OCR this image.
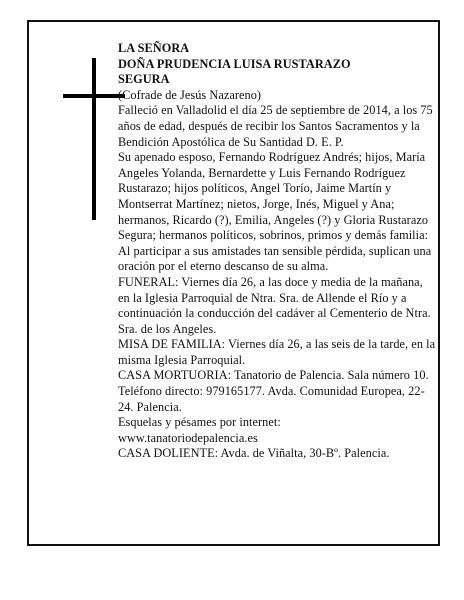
LA SEÑORA

DOÑA PRUDENCIA LUISA RUSTARAZO

SEGURA

(Cofrade de Jesús Nazareno)

Falleció en Valladolid el día 25 de septiembre de 2014, a los 75 años de edad, después de recibir los Santos Sacramentos y la Bendición Apostólica de Su Santidad D. E. P.

Su apenado esposo, Fernando Rodríguez Andrés; hijos, María Angeles Yolanda, Bernardette y Luis Fernando Rodríguez Rustarazo; hijos políticos, Angel Torío, Jaime Martín y Montserrat Martínez; nietos, Jorge, Inés, Miguel y Ana; hermanos, Ricardo (?), Emilia, Angeles (?) y Gloria Rustarazo Segura; hermanos políticos, sobrinos, primos y demás familia:

Al participar a sus amistades tan sensible pérdida, suplican una oración por el eterno descanso de su alma.

FUNERAL: Viernes día 26, a las doce y media de la mañana, en la Iglesia Parroquial de Ntra. Sra. de Allende el Río y a continuación la conducción del cadáver al Cementerio de Ntra. Sra. de los Angeles.

MISA DE FAMILIA: Viernes día 26, a las seis de la tarde, en la misma Iglesia Parroquial.

CASA MORTUORIA: Tanatorio de Palencia. Sala número 10. Teléfono directo: 979165177. Avda. Comunidad Europea, 22-24. Palencia.

Esquelas y pésames por internet:

www.tanatoriodepalencia.es

CASA DOLIENTE: Avda. de Viñalta, 30-Bº. Palencia.
